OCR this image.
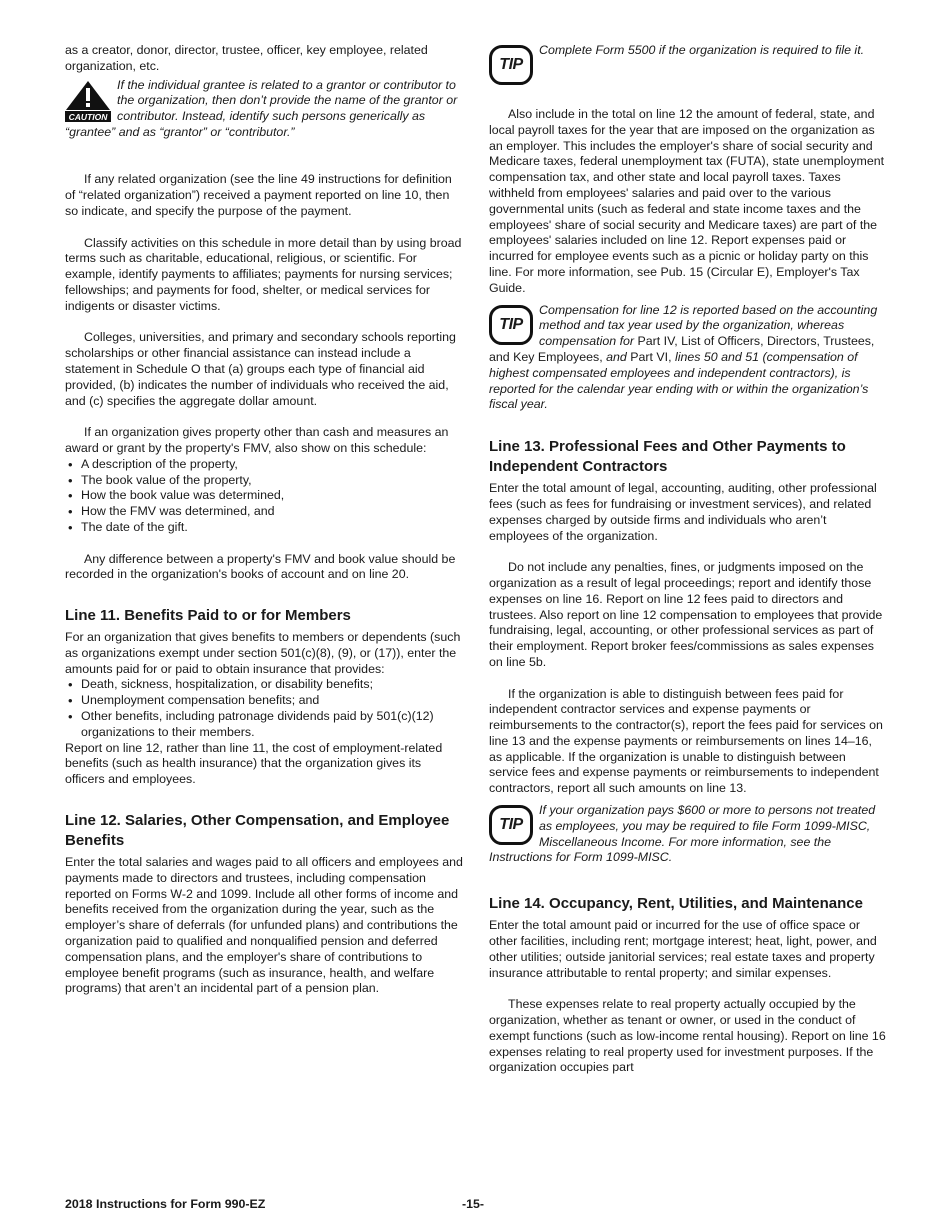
as a creator, donor, director, trustee, officer, key employee, related organization, etc.

CAUTION

If the individual grantee is related to a grantor or contributor to the organization, then don’t provide the name of the grantor or contributor. Instead, identify such persons generically as “grantee” and as “grantor” or “contributor.”

If any related organization (see the line 49 instructions for definition of “related organization”) received a payment reported on line 10, then so indicate, and specify the purpose of the payment.

Classify activities on this schedule in more detail than by using broad terms such as charitable, educational, religious, or scientific. For example, identify payments to affiliates; payments for nursing services; fellowships; and payments for food, shelter, or medical services for indigents or disaster victims.

Colleges, universities, and primary and secondary schools reporting scholarships or other financial assistance can instead include a statement in Schedule O that (a) groups each type of financial aid provided, (b) indicates the number of individuals who received the aid, and (c) specifies the aggregate dollar amount.

If an organization gives property other than cash and measures an award or grant by the property's FMV, also show on this schedule:

• A description of the property,
• The book value of the property,
• How the book value was determined,
• How the FMV was determined, and
• The date of the gift.

Any difference between a property's FMV and book value should be recorded in the organization's books of account and on line 20.

Line 11. Benefits Paid to or for Members

For an organization that gives benefits to members or dependents (such as organizations exempt under section 501(c)(8), (9), or (17)), enter the amounts paid for or paid to obtain insurance that provides:

• Death, sickness, hospitalization, or disability benefits;
• Unemployment compensation benefits; and
• Other benefits, including patronage dividends paid by 501(c)(12) organizations to their members.

Report on line 12, rather than line 11, the cost of employment-related benefits (such as health insurance) that the organization gives its officers and employees.

Line 12. Salaries, Other Compensation, and Employee Benefits

Enter the total salaries and wages paid to all officers and employees and payments made to directors and trustees, including compensation reported on Forms W-2 and 1099. Include all other forms of income and benefits received from the organization during the year, such as the employer’s share of deferrals (for unfunded plans) and contributions the organization paid to qualified and nonqualified pension and deferred compensation plans, and the employer's share of contributions to employee benefit programs (such as insurance, health, and welfare programs) that aren’t an incidental part of a pension plan.

TIP

Complete Form 5500 if the organization is required to file it.

Also include in the total on line 12 the amount of federal, state, and local payroll taxes for the year that are imposed on the organization as an employer. This includes the employer's share of social security and Medicare taxes, federal unemployment tax (FUTA), state unemployment compensation tax, and other state and local payroll taxes. Taxes withheld from employees' salaries and paid over to the various governmental units (such as federal and state income taxes and the employees' share of social security and Medicare taxes) are part of the employees' salaries included on line 12. Report expenses paid or incurred for employee events such as a picnic or holiday party on this line. For more information, see Pub. 15 (Circular E), Employer's Tax Guide.

TIP

Compensation for line 12 is reported based on the accounting method and tax year used by the organization, whereas compensation for Part IV, List of Officers, Directors, Trustees, and Key Employees, and Part VI, lines 50 and 51 (compensation of highest compensated employees and independent contractors), is reported for the calendar year ending with or within the organization’s fiscal year.

Line 13. Professional Fees and Other Payments to Independent Contractors

Enter the total amount of legal, accounting, auditing, other professional fees (such as fees for fundraising or investment services), and related expenses charged by outside firms and individuals who aren’t employees of the organization.

Do not include any penalties, fines, or judgments imposed on the organization as a result of legal proceedings; report and identify those expenses on line 16. Report on line 12 fees paid to directors and trustees. Also report on line 12 compensation to employees that provide fundraising, legal, accounting, or other professional services as part of their employment. Report broker fees/commissions as sales expenses on line 5b.

If the organization is able to distinguish between fees paid for independent contractor services and expense payments or reimbursements to the contractor(s), report the fees paid for services on line 13 and the expense payments or reimbursements on lines 14–16, as applicable. If the organization is unable to distinguish between service fees and expense payments or reimbursements to independent contractors, report all such amounts on line 13.

TIP

If your organization pays $600 or more to persons not treated as employees, you may be required to file Form 1099-MISC, Miscellaneous Income. For more information, see the Instructions for Form 1099-MISC.

Line 14. Occupancy, Rent, Utilities, and Maintenance

Enter the total amount paid or incurred for the use of office space or other facilities, including rent; mortgage interest; heat, light, power, and other utilities; outside janitorial services; real estate taxes and property insurance attributable to rental property; and similar expenses.

These expenses relate to real property actually occupied by the organization, whether as tenant or owner, or used in the conduct of exempt functions (such as low-income rental housing). Report on line 16 expenses relating to real property used for investment purposes. If the organization occupies part

2018 Instructions for Form 990-EZ	-15-
